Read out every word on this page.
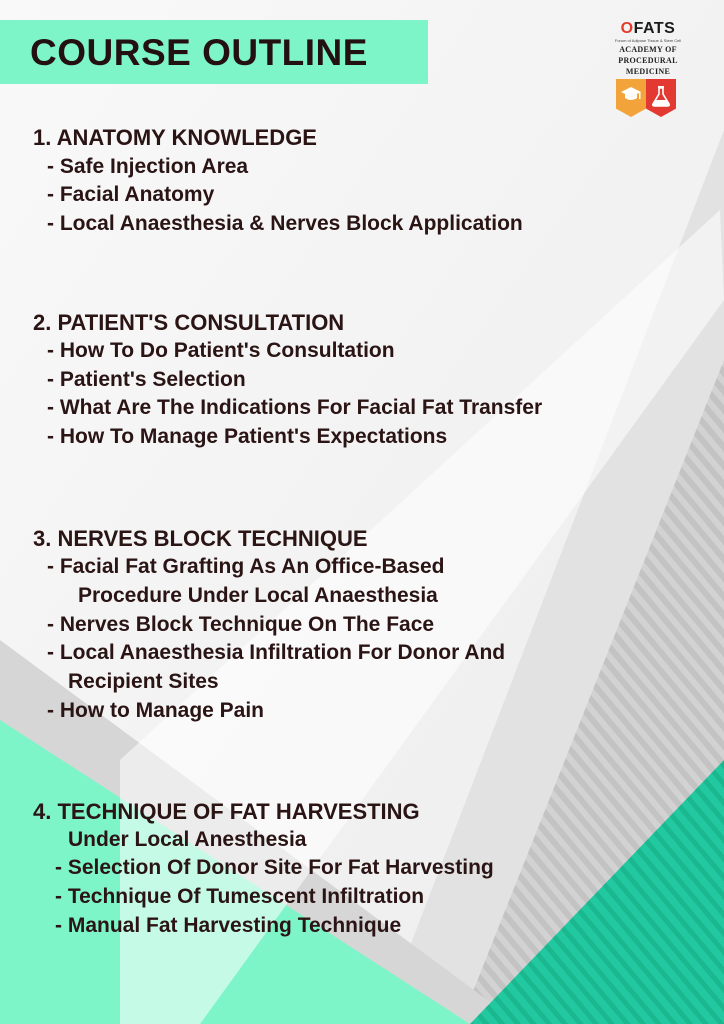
COURSE OUTLINE
OFATS
Forum of Adipose Tissue & Stem Cell
ACADEMY OF
PROCEDURAL
MEDICINE
1. ANATOMY KNOWLEDGE
- Safe Injection Area
- Facial Anatomy
- Local Anaesthesia & Nerves Block Application
2. PATIENT'S CONSULTATION
- How To Do Patient's Consultation
- Patient's Selection
- What Are The Indications For Facial Fat Transfer
- How To Manage Patient's Expectations
3. NERVES BLOCK TECHNIQUE
- Facial Fat Grafting As An Office-Based
Procedure Under Local Anaesthesia
- Nerves Block Technique On The Face
- Local Anaesthesia Infiltration For Donor And
Recipient Sites
- How to Manage Pain
4. TECHNIQUE OF FAT HARVESTING
Under Local Anesthesia
- Selection Of Donor Site For Fat Harvesting
- Technique Of Tumescent Infiltration
- Manual Fat Harvesting Technique
